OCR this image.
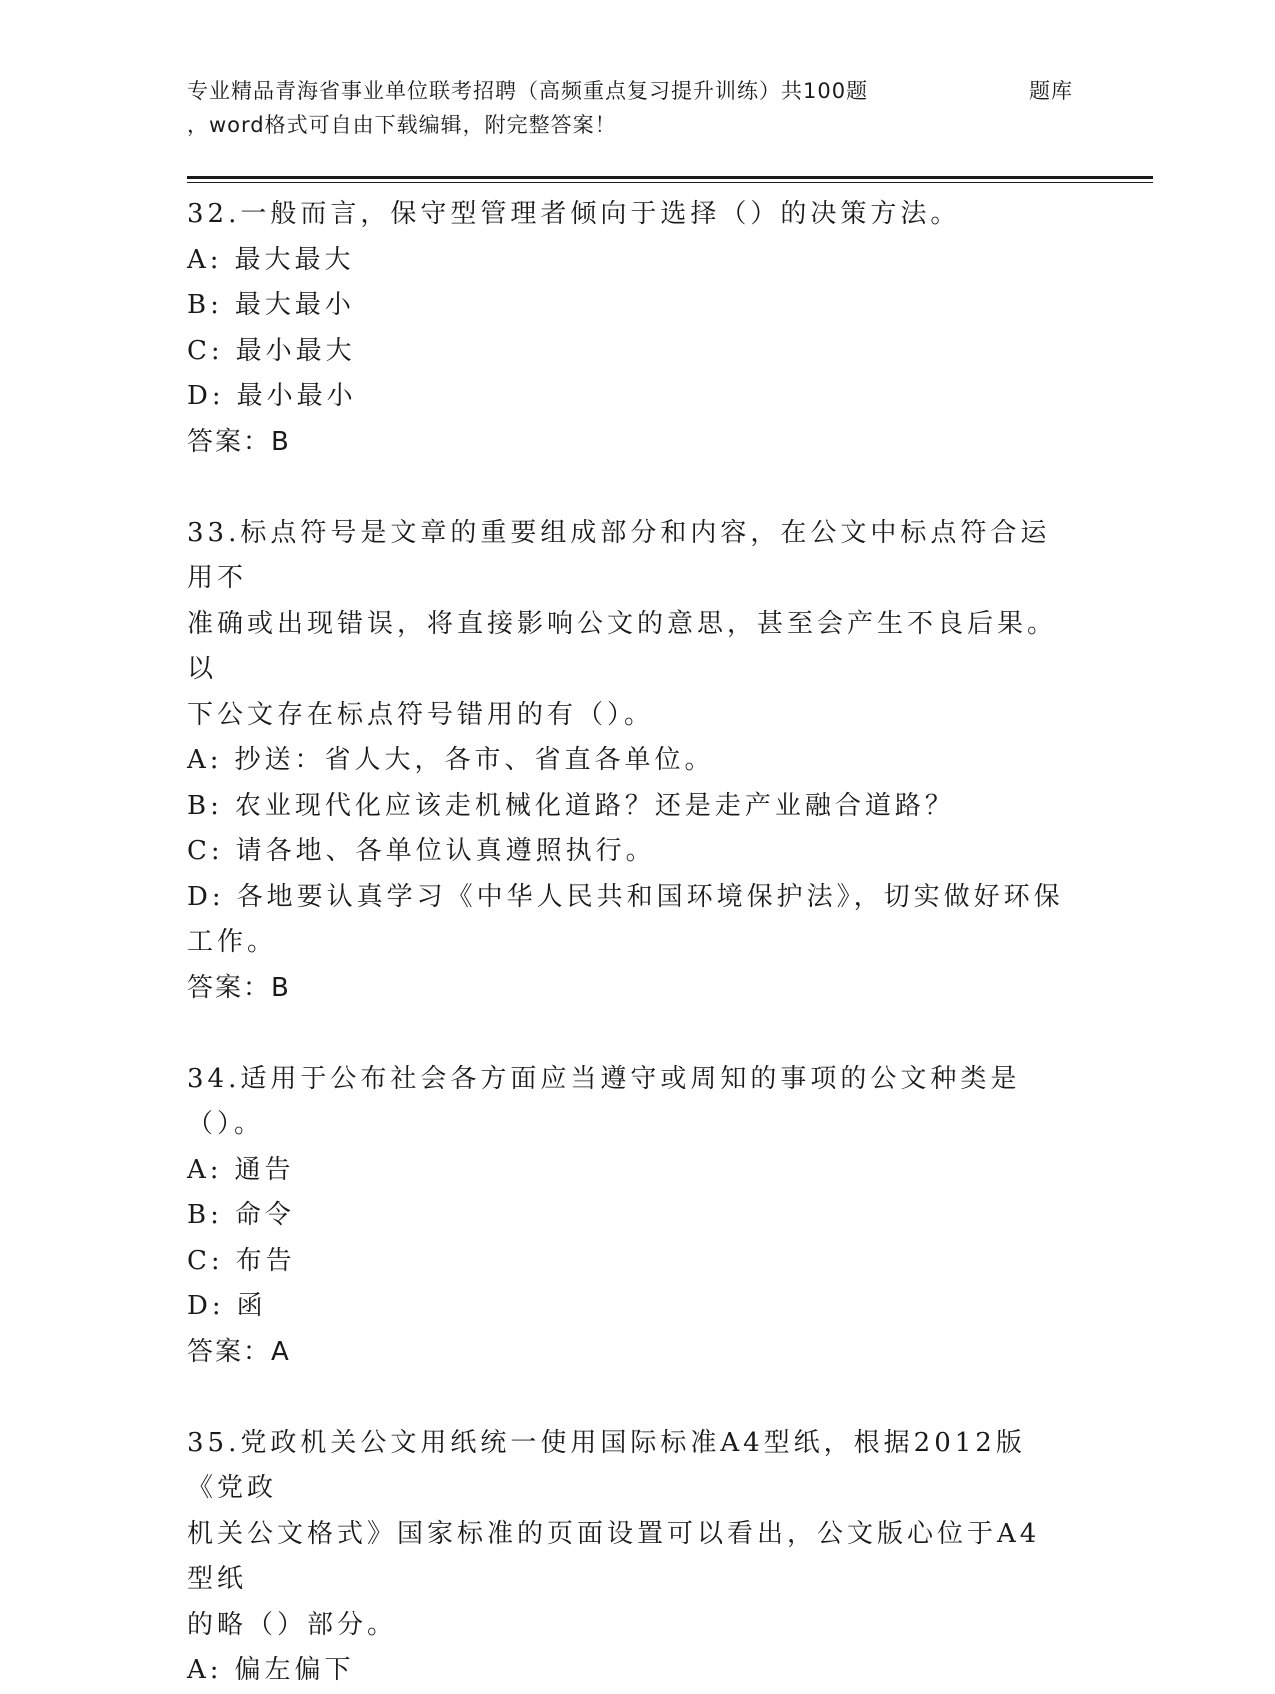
专业精品青海省事业单位联考招聘（高频重点复习提升训练）共100题	题库
，word格式可自由下载编辑，附完整答案！

32.一般而言，保守型管理者倾向于选择（）的决策方法。

A: 最大最大

B: 最大最小

C: 最小最大

D: 最小最小

答案：B

33.标点符号是文章的重要组成部分和内容，在公文中标点符合运用不

准确或出现错误，将直接影响公文的意思，甚至会产生不良后果。以

下公文存在标点符号错用的有（）。

A: 抄送：省人大，各市、省直各单位。

B: 农业现代化应该走机械化道路？还是走产业融合道路？

C: 请各地、各单位认真遵照执行。

D: 各地要认真学习《中华人民共和国环境保护法》，切实做好环保工作。

答案：B

34.适用于公布社会各方面应当遵守或周知的事项的公文种类是（）。

A: 通告

B: 命令

C: 布告

D: 函

答案：A

35.党政机关公文用纸统一使用国际标准A4型纸，根据2012版《党政

机关公文格式》国家标准的页面设置可以看出，公文版心位于A4型纸

的略（）部分。

A: 偏左偏下
